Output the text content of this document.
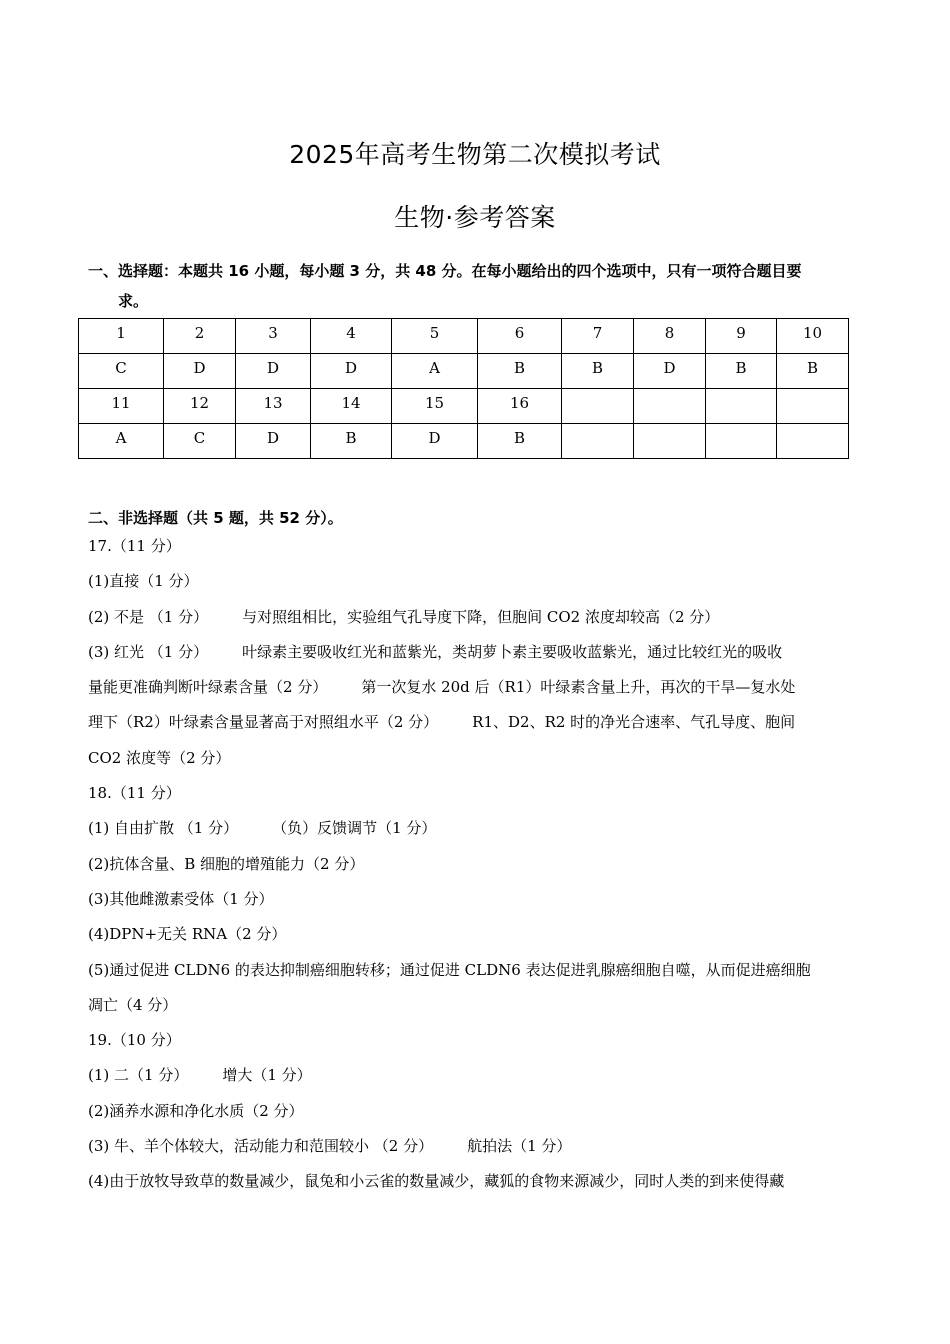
2025年高考生物第二次模拟考试
生物·参考答案
一、选择题：本题共 16 小题，每小题 3 分，共 48 分。在每小题给出的四个选项中，只有一项符合题目要
求。
1	2	3	4	5	6	7	8	9	10
C	D	D	D	A	B	B	D	B	B
11	12	13	14	15	16				
A	C	D	B	D	B				
二、非选择题（共 5 题，共 52 分）。
17.（11 分）
(1)直接（1 分）
(2) 不是 （1 分） 与对照组相比，实验组气孔导度下降，但胞间 CO2 浓度却较高（2 分）
(3) 红光 （1 分） 叶绿素主要吸收红光和蓝紫光，类胡萝卜素主要吸收蓝紫光，通过比较红光的吸收
量能更准确判断叶绿素含量（2 分） 第一次复水 20d 后（R1）叶绿素含量上升，再次的干旱—复水处
理下（R2）叶绿素含量显著高于对照组水平（2 分） R1、D2、R2 时的净光合速率、气孔导度、胞间
CO2 浓度等（2 分）
18.（11 分）
(1) 自由扩散 （1 分） （负）反馈调节（1 分）
(2)抗体含量、B 细胞的增殖能力（2 分）
(3)其他雌激素受体（1 分）
(4)DPN+无关 RNA（2 分）
(5)通过促进 CLDN6 的表达抑制癌细胞转移；通过促进 CLDN6 表达促进乳腺癌细胞自噬，从而促进癌细胞
凋亡（4 分）
19.（10 分）
(1) 二（1 分） 增大（1 分）
(2)涵养水源和净化水质（2 分）
(3) 牛、羊个体较大，活动能力和范围较小 （2 分） 航拍法（1 分）
(4)由于放牧导致草的数量减少，鼠兔和小云雀的数量减少，藏狐的食物来源减少，同时人类的到来使得藏
